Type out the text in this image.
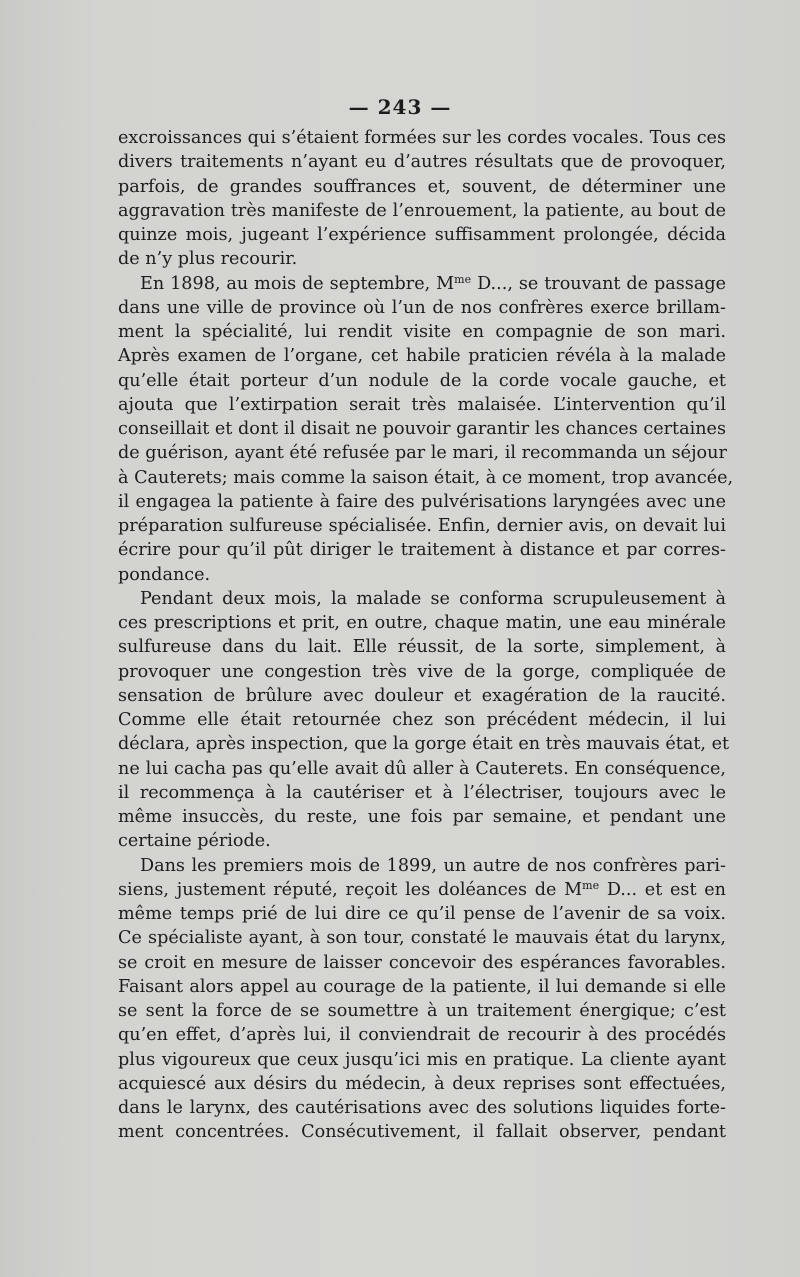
— 243 —
excroissances qui s’étaient formées sur les cordes vocales. Tous ces
divers traitements n’ayant eu d’autres résultats que de provoquer,
parfois, de grandes souffrances et, souvent, de déterminer une
aggravation très manifeste de l’enrouement, la patiente, au bout de
quinze mois, jugeant l’expérience suffisamment prolongée, décida
de n’y plus recourir.
En 1898, au mois de septembre, $M^{me}$ D..., se trouvant de passage
dans une ville de province où l’un de nos confrères exerce brillam-
ment la spécialité, lui rendit visite en compagnie de son mari.
Après examen de l’organe, cet habile praticien révéla à la malade
qu’elle était porteur d’un nodule de la corde vocale gauche, et
ajouta que l’extirpation serait très malaisée. L’intervention qu’il
conseillait et dont il disait ne pouvoir garantir les chances certaines
de guérison, ayant été refusée par le mari, il recommanda un séjour
à Cauterets; mais comme la saison était, à ce moment, trop avancée,
il engagea la patiente à faire des pulvérisations laryngées avec une
préparation sulfureuse spécialisée. Enfin, dernier avis, on devait lui
écrire pour qu’il pût diriger le traitement à distance et par corres-
pondance.
Pendant deux mois, la malade se conforma scrupuleusement à
ces prescriptions et prit, en outre, chaque matin, une eau minérale
sulfureuse dans du lait. Elle réussit, de la sorte, simplement, à
provoquer une congestion très vive de la gorge, compliquée de
sensation de brûlure avec douleur et exagération de la raucité.
Comme elle était retournée chez son précédent médecin, il lui
déclara, après inspection, que la gorge était en très mauvais état, et
ne lui cacha pas qu’elle avait dû aller à Cauterets. En conséquence,
il recommença à la cautériser et à l’électriser, toujours avec le
même insuccès, du reste, une fois par semaine, et pendant une
certaine période.
Dans les premiers mois de 1899, un autre de nos confrères pari-
siens, justement réputé, reçoit les doléances de $M^{me}$ D... et est en
même temps prié de lui dire ce qu’il pense de l’avenir de sa voix.
Ce spécialiste ayant, à son tour, constaté le mauvais état du larynx,
se croit en mesure de laisser concevoir des espérances favorables.
Faisant alors appel au courage de la patiente, il lui demande si elle
se sent la force de se soumettre à un traitement énergique; c’est
qu’en effet, d’après lui, il conviendrait de recourir à des procédés
plus vigoureux que ceux jusqu’ici mis en pratique. La cliente ayant
acquiescé aux désirs du médecin, à deux reprises sont effectuées,
dans le larynx, des cautérisations avec des solutions liquides forte-
ment concentrées. Consécutivement, il fallait observer, pendant
